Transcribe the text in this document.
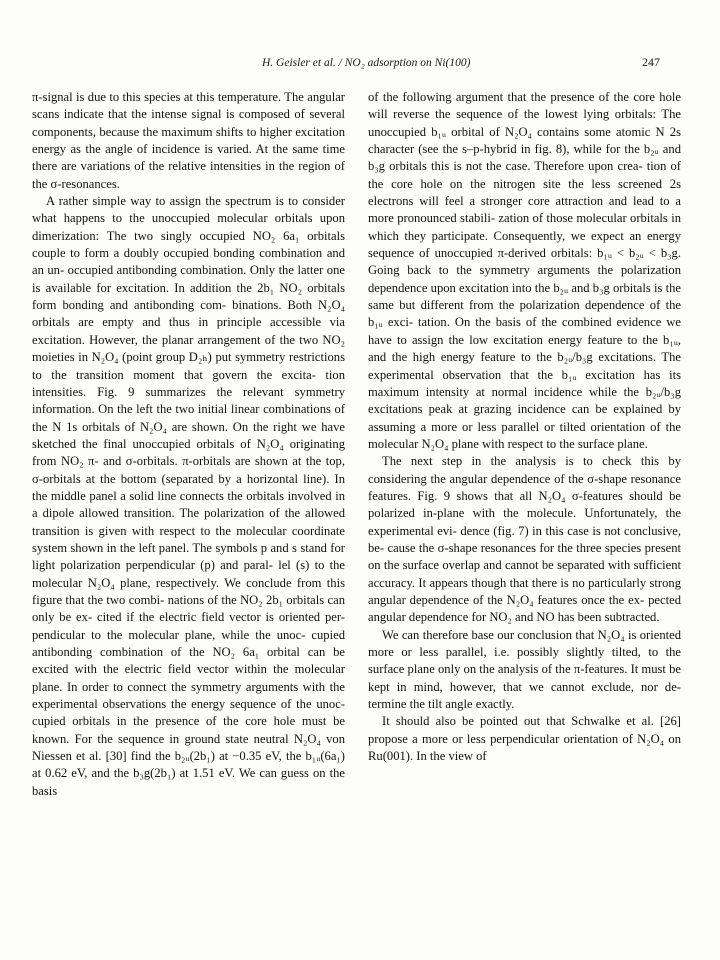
H. Geisler et al. / NO₂ adsorption on Ni(100)	247

π-signal is due to this species at this temperature. The angular scans indicate that the intense signal is composed of several components, because the maximum shifts to higher excitation energy as the angle of incidence is varied. At the same time there are variations of the relative intensities in the region of the σ-resonances.

A rather simple way to assign the spectrum is to consider what happens to the unoccupied molecular orbitals upon dimerization: The two singly occupied NO₂ 6a₁ orbitals couple to form a doubly occupied bonding combination and an un- occupied antibonding combination. Only the latter one is available for excitation. In addition the 2b₁ NO₂ orbitals form bonding and antibonding com- binations. Both N₂O₄ orbitals are empty and thus in principle accessible via excitation. However, the planar arrangement of the two NO₂ moieties in N₂O₄ (point group D₂ₕ) put symmetry restrictions to the transition moment that govern the excita- tion intensities. Fig. 9 summarizes the relevant symmetry information. On the left the two initial linear combinations of the N 1s orbitals of N₂O₄ are shown. On the right we have sketched the final unoccupied orbitals of N₂O₄ originating from NO₂ π- and σ-orbitals. π-orbitals are shown at the top, σ-orbitals at the bottom (separated by a horizontal line). In the middle panel a solid line connects the orbitals involved in a dipole allowed transition. The polarization of the allowed transition is given with respect to the molecular coordinate system shown in the left panel. The symbols p and s stand for light polarization perpendicular (p) and paral- lel (s) to the molecular N₂O₄ plane, respectively. We conclude from this figure that the two combi- nations of the NO₂ 2b₁ orbitals can only be ex- cited if the electric field vector is oriented per- pendicular to the molecular plane, while the unoc- cupied antibonding combination of the NO₂ 6a₁ orbital can be excited with the electric field vector within the molecular plane. In order to connect the symmetry arguments with the experimental observations the energy sequence of the unoc- cupied orbitals in the presence of the core hole must be known. For the sequence in ground state neutral N₂O₄ von Niessen et al. [30] find the b₂ᵤ(2b₁) at −0.35 eV, the b₁ᵤ(6a₁) at 0.62 eV, and the b₃g(2b₁) at 1.51 eV. We can guess on the basis

of the following argument that the presence of the core hole will reverse the sequence of the lowest lying orbitals: The unoccupied b₁ᵤ orbital of N₂O₄ contains some atomic N 2s character (see the s–p-hybrid in fig. 8), while for the b₂ᵤ and b₃g orbitals this is not the case. Therefore upon crea- tion of the core hole on the nitrogen site the less screened 2s electrons will feel a stronger core attraction and lead to a more pronounced stabili- zation of those molecular orbitals in which they participate. Consequently, we expect an energy sequence of unoccupied π-derived orbitals: b₁ᵤ < b₂ᵤ < b₃g. Going back to the symmetry arguments the polarization dependence upon excitation into the b₂ᵤ and b₃g orbitals is the same but different from the polarization dependence of the b₁ᵤ exci- tation. On the basis of the combined evidence we have to assign the low excitation energy feature to the b₁ᵤ, and the high energy feature to the b₂ᵤ/b₃g excitations. The experimental observation that the b₁ᵤ excitation has its maximum intensity at normal incidence while the b₂ᵤ/b₃g excitations peak at grazing incidence can be explained by assuming a more or less parallel or tilted orientation of the molecular N₂O₄ plane with respect to the surface plane.

The next step in the analysis is to check this by considering the angular dependence of the σ-shape resonance features. Fig. 9 shows that all N₂O₄ σ-features should be polarized in-plane with the molecule. Unfortunately, the experimental evi- dence (fig. 7) in this case is not conclusive, be- cause the σ-shape resonances for the three species present on the surface overlap and cannot be separated with sufficient accuracy. It appears though that there is no particularly strong angular dependence of the N₂O₄ features once the ex- pected angular dependence for NO₂ and NO has been subtracted.

We can therefore base our conclusion that N₂O₄ is oriented more or less parallel, i.e. possibly slightly tilted, to the surface plane only on the analysis of the π-features. It must be kept in mind, however, that we cannot exclude, nor de- termine the tilt angle exactly.

It should also be pointed out that Schwalke et al. [26] propose a more or less perpendicular orientation of N₂O₄ on Ru(001). In the view of
